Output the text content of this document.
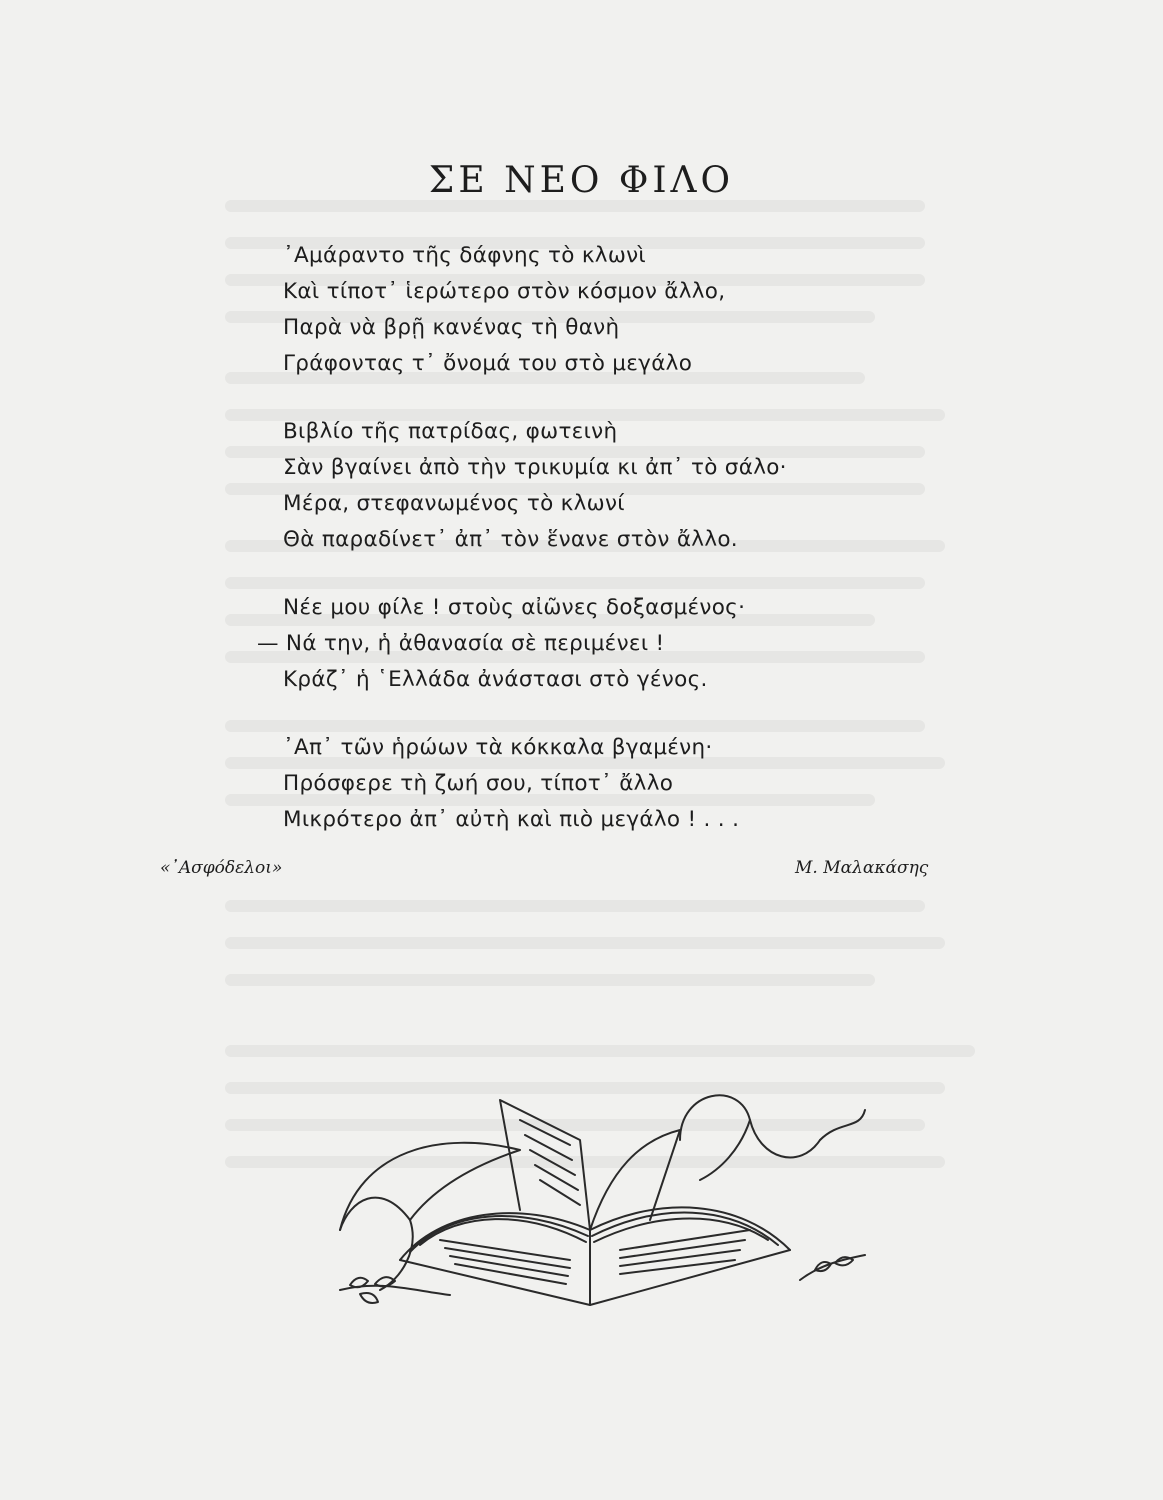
ΣΕ ΝΕΟ ΦΙΛΟ
᾿Αμάραντο τῆς δάφνης τὸ κλωνὶ
Καὶ τίποτ᾿ ἱερώτερο στὸν κόσμον ἄλλο,
Παρὰ νὰ βρῇ κανένας τὴ θανὴ
Γράφοντας τ᾿ ὄνομά του στὸ μεγάλο
Βιβλίο τῆς πατρίδας, φωτεινὴ
Σὰν βγαίνει ἀπὸ τὴν τρικυμία κι ἀπ᾿ τὸ σάλο·
Μέρα, στεφανωμένος τὸ κλωνί
Θὰ παραδίνετ᾿ ἀπ᾿ τὸν ἕνανε στὸν ἄλλο.
Νέε μου φίλε ! στοὺς αἰῶνες δοξασμένος·
— Νά την, ἡ ἀθανασία σὲ περιμένει !
Κράζ᾿ ἡ ῾Ελλάδα ἀνάστασι στὸ γένος.
᾿Απ᾿ τῶν ἡρώων τὰ κόκκαλα βγαμένη·
Πρόσφερε τὴ ζωή σου, τίποτ᾿ ἄλλο
Μικρότερο ἀπ᾿ αὐτὴ καὶ πιὸ μεγάλο ! . . .
«᾿Ασφόδελοι»	Μ. Μαλακάσης
